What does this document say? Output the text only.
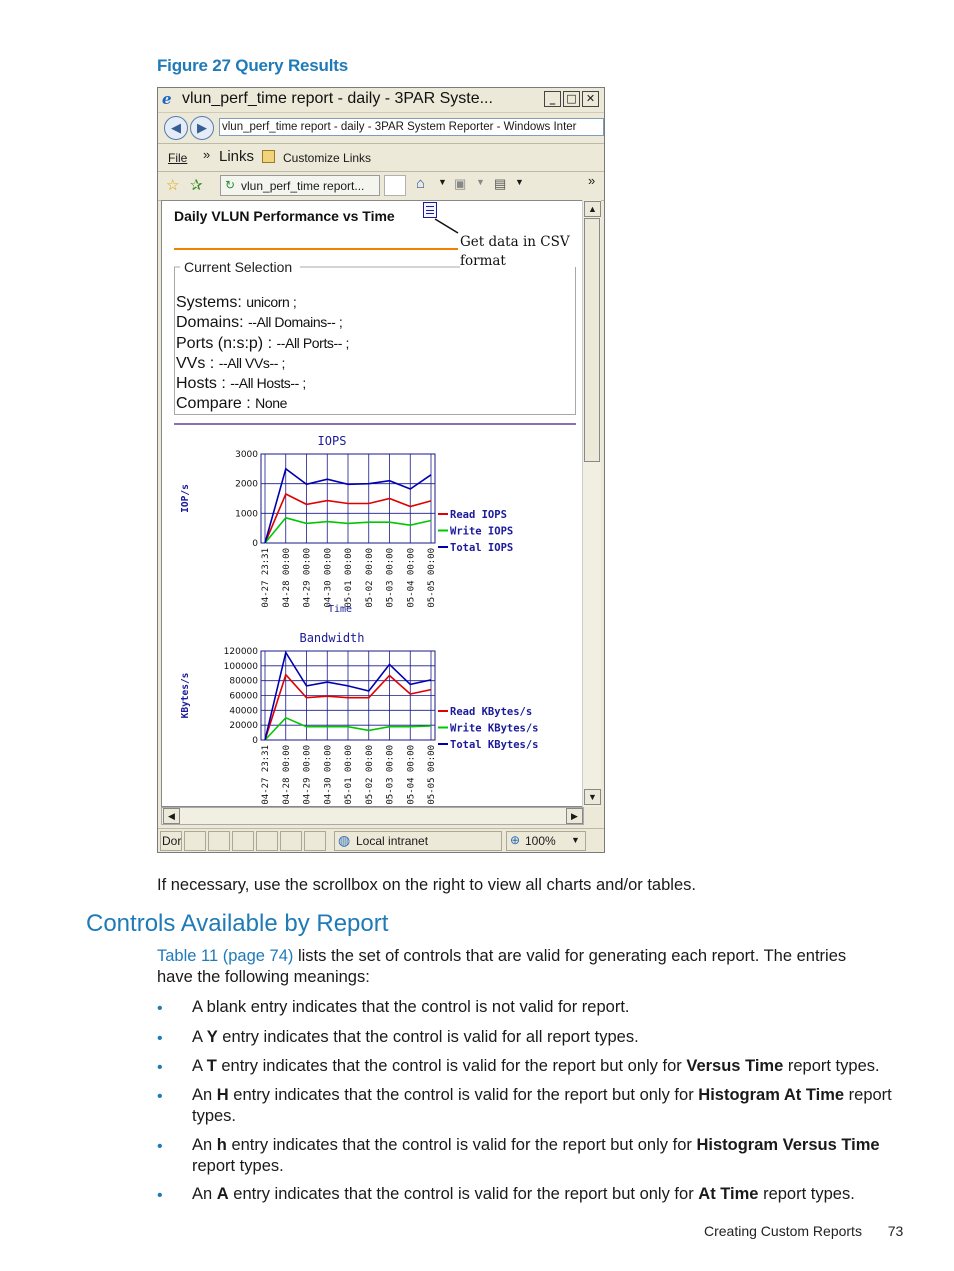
Figure 27 Query Results
e vlun_perf_time report - daily - 3PAR Syste...	_	□ ✕
◀	▶	vlun_perf_time report - daily - 3PAR System Reporter - Windows Inter
File » Links Customize Links
☆ ✰ ↻ vlun_perf_time report...	⌂ ▼ ▣ ▼ ▤ ▼	»
Daily VLUN Performance vs Time
Get data in CSV
format
Current Selection
Systems: unicorn ;
Domains: --All Domains-- ;
Ports (n:s:p) : --All Ports-- ;
VVs : --All VVs-- ;
Hosts : --All Hosts-- ;
Compare : None
IOPS
IOP/s
0
1000
2000
3000
04-27 23:31 04-28 00:00 04-29 00:00 04-30 00:00 05-01 00:00 05-02 00:00 05-03 00:00 05-04 00:00 05-05 00:00
Time
Read IOPS
Write IOPS
Total IOPS
Bandwidth
KBytes/s
0
20000
40000
60000
80000
100000
120000
04-27 23:31 04-28 00:00 04-29 00:00 04-30 00:00 05-01 00:00 05-02 00:00 05-03 00:00 05-04 00:00 05-05 00:00
Read KBytes/s
Write KBytes/s
Total KBytes/s
▲
▼
◀	▶
Dor	◍ Local intranet	⊕ 100% ▼
If necessary, use the scrollbox on the right to view all charts and/or tables.
Controls Available by Report
Table 11 (page 74) lists the set of controls that are valid for generating each report. The entries
have the following meanings:
• A blank entry indicates that the control is not valid for report.
• A Y entry indicates that the control is valid for all report types.
• A T entry indicates that the control is valid for the report but only for Versus Time report types.
• An H entry indicates that the control is valid for the report but only for Histogram At Time report types.
• An h entry indicates that the control is valid for the report but only for Histogram Versus Time report types.
• An A entry indicates that the control is valid for the report but only for At Time report types.
Creating Custom Reports 73
